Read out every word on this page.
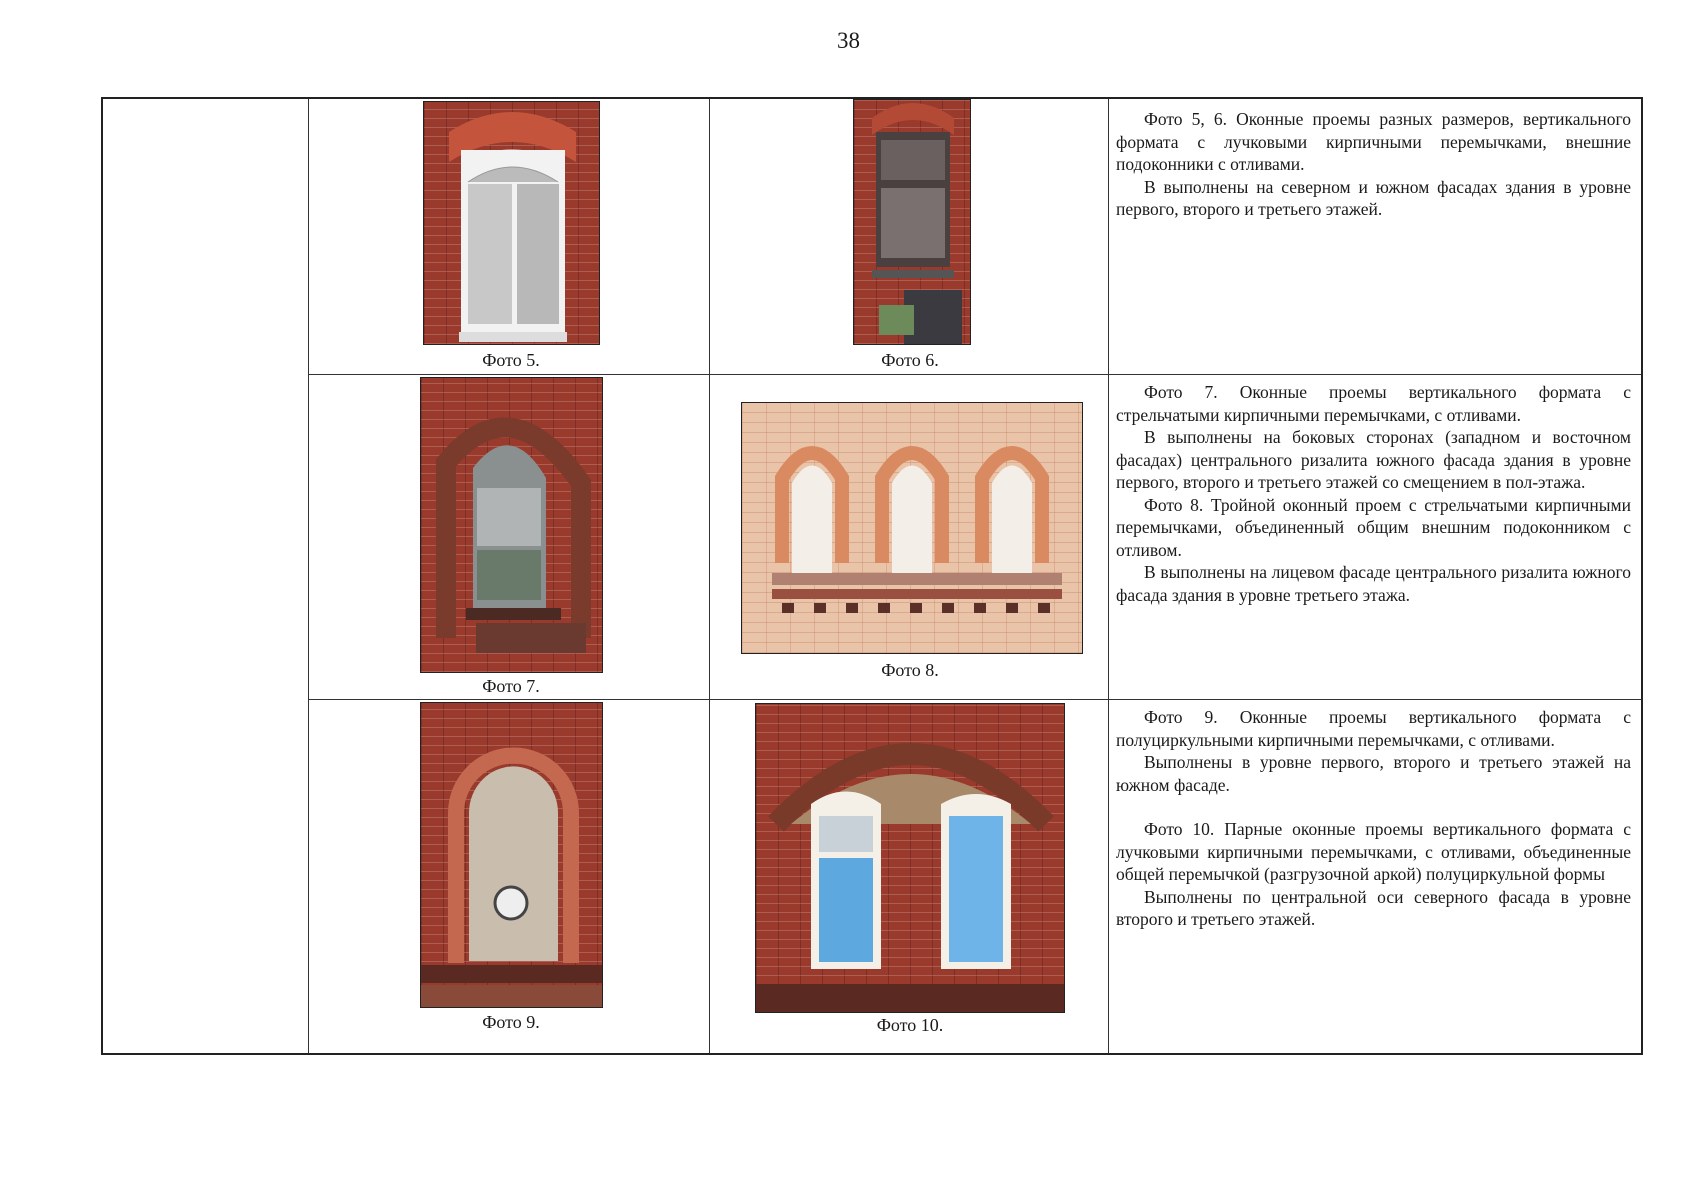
38
Фото 5.	Фото 6.

Фото 5, 6. Оконные проемы разных размеров, вертикального формата с лучковыми кирпичными перемычками, внешние подоконники с отливами.

В выполнены на северном и южном фасадах здания в уровне первого, второго и третьего этажей.

Фото 7.
Фото 8.

Фото 7. Оконные проемы вертикального формата с стрельчатыми кирпичными перемычками, с отливами.

В выполнены на боковых сторонах (западном и восточном фасадах) центрального ризалита южного фасада здания в уровне первого, второго и третьего этажей со смещением в пол-этажа.

Фото 8. Тройной оконный проем с стрельчатыми кирпичными перемычками, объединенный общим внешним подоконником с отливом.

В выполнены на лицевом фасаде центрального ризалита южного фасада здания в уровне третьего этажа.

Фото 9.	Фото 10.

Фото 9. Оконные проемы вертикального формата с полуциркульными кирпичными перемычками, с отливами.

Выполнены в уровне первого, второго и третьего этажей на южном фасаде.

Фото 10. Парные оконные проемы вертикального формата с лучковыми кирпичными перемычками, с отливами, объединенные общей перемычкой (разгрузочной аркой) полуциркульной формы

Выполнены по центральной оси северного фасада в уровне второго и третьего этажей.
